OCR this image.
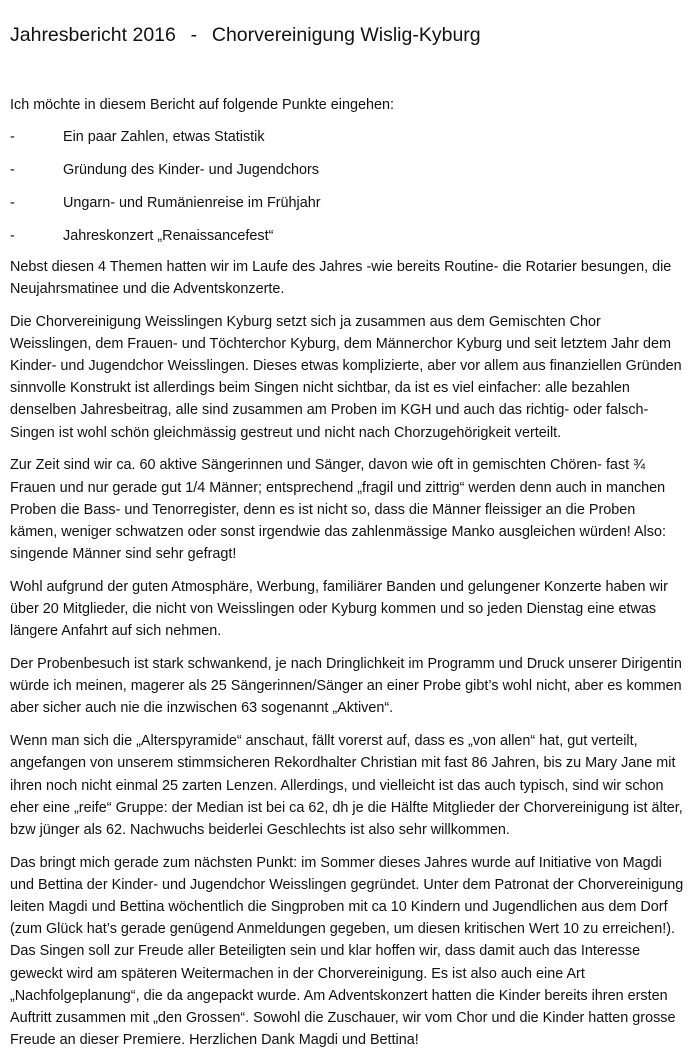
Jahresbericht 2016 - Chorvereinigung Wislig-Kyburg

Ich möchte in diesem Bericht auf folgende Punkte eingehen:

-	Ein paar Zahlen, etwas Statistik
-	Gründung des Kinder- und Jugendchors
-	Ungarn- und Rumänienreise im Frühjahr
-	Jahreskonzert „Renaissancefest“

Nebst diesen 4 Themen hatten wir im Laufe des Jahres -wie bereits Routine- die Rotarier besungen, die Neujahrsmatinee und die Adventskonzerte.

Die Chorvereinigung Weisslingen Kyburg setzt sich ja zusammen aus dem Gemischten Chor Weisslingen, dem Frauen- und Töchterchor Kyburg, dem Männerchor Kyburg und seit letztem Jahr dem Kinder- und Jugendchor Weisslingen. Dieses etwas komplizierte, aber vor allem aus finanziellen Gründen sinnvolle Konstrukt ist allerdings beim Singen nicht sichtbar, da ist es viel einfacher: alle bezahlen denselben Jahresbeitrag, alle sind zusammen am Proben im KGH und auch das richtig- oder falsch-Singen ist wohl schön gleichmässig gestreut und nicht nach Chorzugehörigkeit verteilt.

Zur Zeit sind wir ca. 60 aktive Sängerinnen und Sänger, davon wie oft in gemischten Chören- fast ¾ Frauen und nur gerade gut 1/4 Männer; entsprechend „fragil und zittrig“ werden denn auch in manchen Proben die Bass- und Tenorregister, denn es ist nicht so, dass die Männer fleissiger an die Proben kämen, weniger schwatzen oder sonst irgendwie das zahlenmässige Manko ausgleichen würden! Also: singende Männer sind sehr gefragt!

Wohl aufgrund der guten Atmosphäre, Werbung, familiärer Banden und gelungener Konzerte haben wir über 20 Mitglieder, die nicht von Weisslingen oder Kyburg kommen und so jeden Dienstag eine etwas längere Anfahrt auf sich nehmen.

Der Probenbesuch ist stark schwankend, je nach Dringlichkeit im Programm und Druck unserer Dirigentin würde ich meinen, magerer als 25 Sängerinnen/Sänger an einer Probe gibt’s wohl nicht, aber es kommen aber sicher auch nie die inzwischen 63 sogenannt „Aktiven“.

Wenn man sich die „Alterspyramide“ anschaut, fällt vorerst auf, dass es „von allen“ hat, gut verteilt, angefangen von unserem stimmsicheren Rekordhalter Christian mit fast 86 Jahren, bis zu Mary Jane mit ihren noch nicht einmal 25 zarten Lenzen. Allerdings, und vielleicht ist das auch typisch, sind wir schon eher eine „reife“ Gruppe: der Median ist bei ca 62, dh je die Hälfte Mitglieder der Chorvereinigung ist älter, bzw jünger als 62. Nachwuchs beiderlei Geschlechts ist also sehr willkommen.

Das bringt mich gerade zum nächsten Punkt: im Sommer dieses Jahres wurde auf Initiative von Magdi und Bettina der Kinder- und Jugendchor Weisslingen gegründet. Unter dem Patronat der Chorvereinigung leiten Magdi und Bettina wöchentlich die Singproben mit ca 10 Kindern und Jugendlichen aus dem Dorf (zum Glück hat’s gerade genügend Anmeldungen gegeben, um diesen kritischen Wert 10 zu erreichen!). Das Singen soll zur Freude aller Beteiligten sein und klar hoffen wir, dass damit auch das Interesse geweckt wird am späteren Weitermachen in der Chorvereinigung. Es ist also auch eine Art „Nachfolgeplanung“, die da angepackt wurde. Am Adventskonzert hatten die Kinder bereits ihren ersten Auftritt zusammen mit „den Grossen“. Sowohl die Zuschauer, wir vom Chor und die Kinder hatten grosse Freude an dieser Premiere. Herzlichen Dank Magdi und Bettina!
